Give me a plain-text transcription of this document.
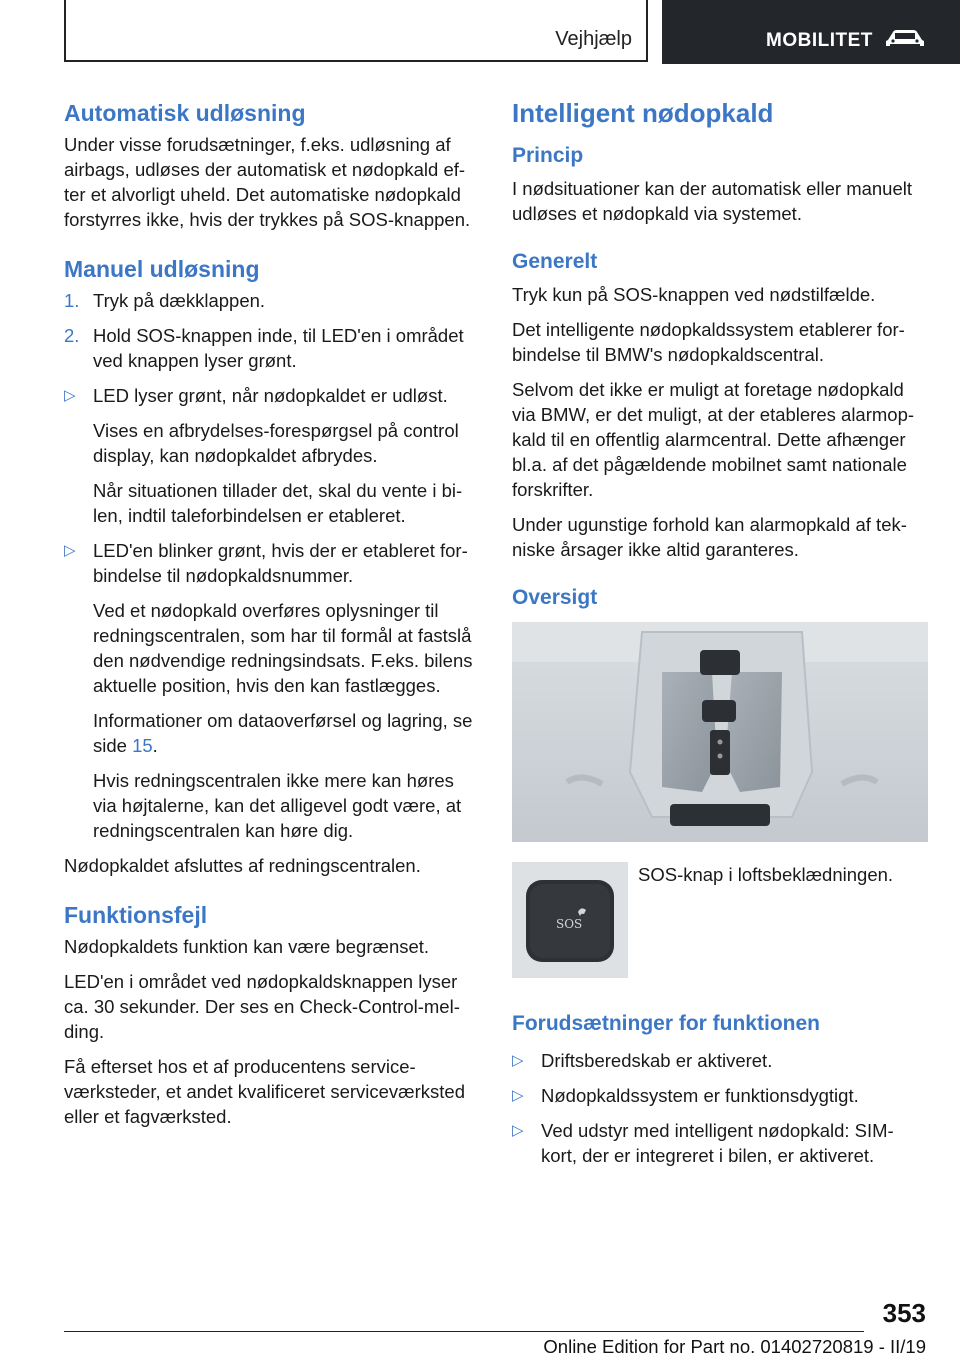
Vejhjælp	MOBILITET
Automatisk udløsning

Under visse forudsætninger, f.eks. udløsning af airbags, udløses der automatisk et nødopkald efter et alvorligt uheld. Det automatiske nødopkald forstyrres ikke, hvis der trykkes på SOS-knappen.

Manuel udløsning
1. Tryk på dækklappen.
2. Hold SOS-knappen inde, til LED'en i området ved knappen lyser grønt.
▷ LED lyser grønt, når nødopkaldet er udløst.

Vises en afbrydelses-forespørgsel på control display, kan nødopkaldet afbrydes.

Når situationen tillader det, skal du vente i bilen, indtil taleforbindelsen er etableret.

▷ LED'en blinker grønt, hvis der er etableret forbindelse til nødopkaldsnummer.

Ved et nødopkald overføres oplysninger til redningscentralen, som har til formål at fastslå den nødvendige redningsindsats. F.eks. bilens aktuelle position, hvis den kan fastlægges.

Informationer om dataoverførsel og lagring, se side 15.

Hvis redningscentralen ikke mere kan høres via højtalerne, kan det alligevel godt være, at redningscentralen kan høre dig.

Nødopkaldet afsluttes af redningscentralen.

Funktionsfejl

Nødopkaldets funktion kan være begrænset.

LED'en i området ved nødopkaldsknappen lyser ca. 30 sekunder. Der ses en Check-Control-melding.

Få efterset hos et af producentens serviceværksteder, et andet kvalificeret serviceværksted eller et fagværksted.

Intelligent nødopkald
Princip

I nødsituationer kan der automatisk eller manuelt udløses et nødopkald via systemet.

Generelt

Tryk kun på SOS-knappen ved nødstilfælde.

Det intelligente nødopkaldssystem etablerer forbindelse til BMW's nødopkaldscentral.

Selvom det ikke er muligt at foretage nødopkald via BMW, er det muligt, at der etableres alarmopkald til en offentlig alarmcentral. Dette afhænger bl.a. af det pågældende mobilnet samt nationale forskrifter.

Under ugunstige forhold kan alarmopkald af tekniske årsager ikke altid garanteres.

Oversigt
SOS
SOS-knap i loftsbeklædningen.
Forudsætninger for funktionen
▷ Driftsberedskab er aktiveret.
▷ Nødopkaldssystem er funktionsdygtigt.
▷ Ved udstyr med intelligent nødopkald: SIM-kort, der er integreret i bilen, er aktiveret.
353
Online Edition for Part no. 01402720819 - II/19
